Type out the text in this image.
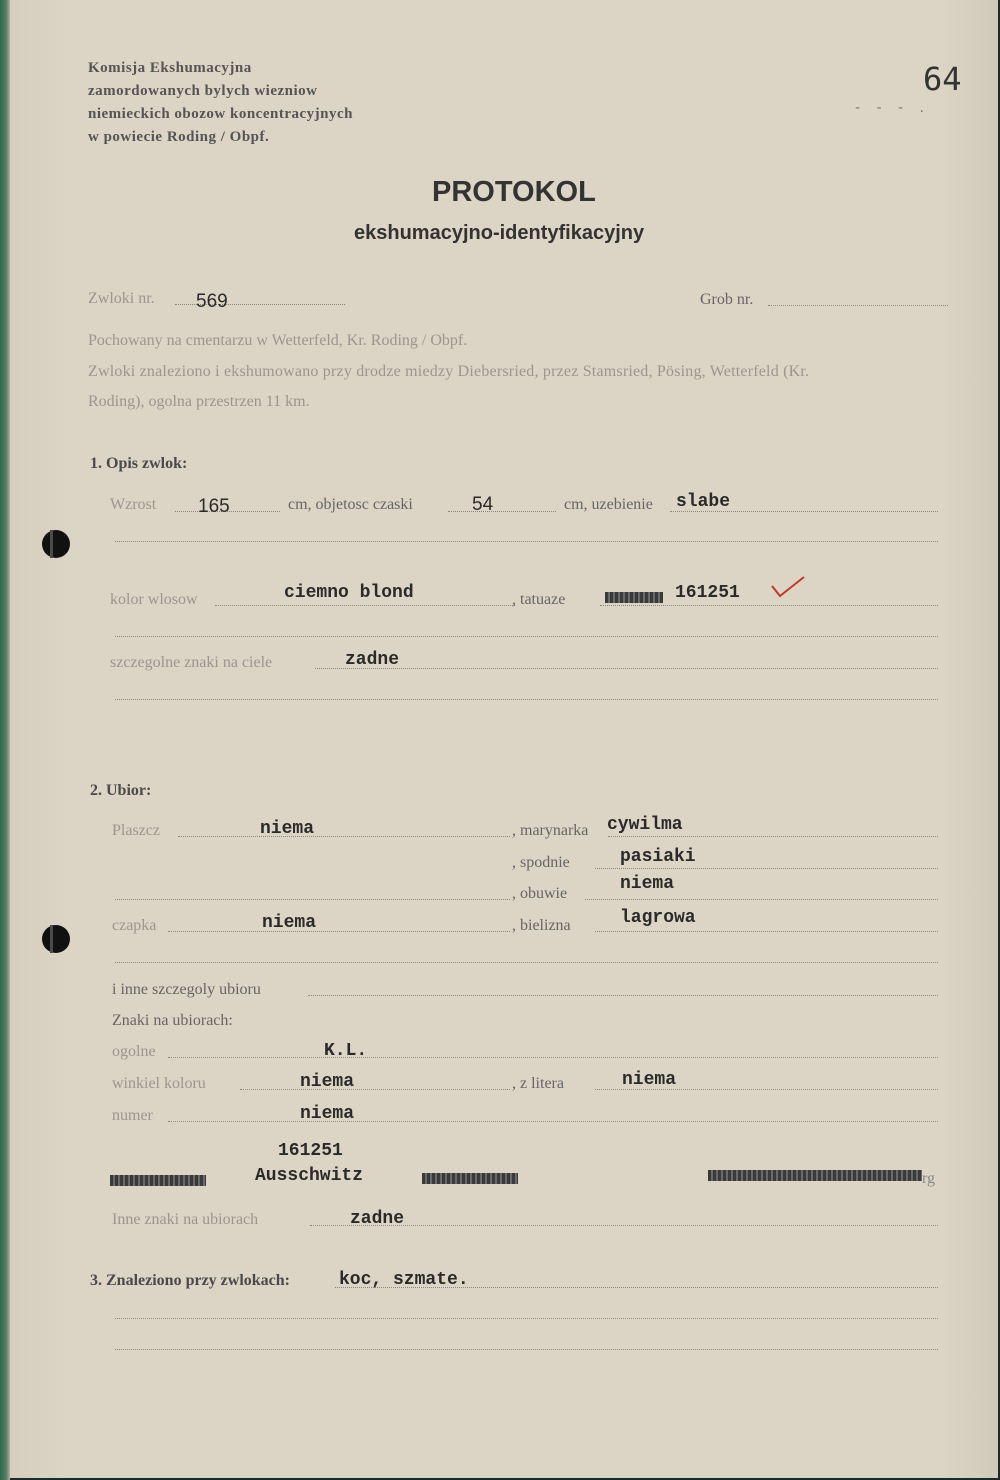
Komisja Ekshumacyjna
zamordowanych bylych wiezniow
niemieckich obozow koncentracyjnych
w powiecie Roding / Obpf.
64
- - - .
PROTOKOL
ekshumacyjno-identyfikacyjny
Zwloki nr. 569	Grob nr.
Pochowany na cmentarzu w Wetterfeld, Kr. Roding / Obpf.
Zwloki znaleziono i ekshumowano przy drodze miedzy Diebersried, przez Stamsried, Pösing, Wetterfeld (Kr.
Roding), ogolna przestrzen 11 km.
1. Opis zwlok:
Wzrost 165	cm, objetosc czaski	54	cm, uzebienie slabe
kolor wlosow	ciemno blond	, tatuaze	161251
szczegolne znaki na ciele	zadne
2. Ubior:
Plaszcz	niema	, marynarka cywilma
, spodnie	pasiaki
, obuwie	niema
czapka	niema	, bielizna	lagrowa
i inne szczegoly ubioru
Znaki na ubiorach:
ogolne	K.L.
winkiel koloru	niema	, z litera	niema
numer	niema
161251
Ausschwitz	rg
Inne znaki na ubiorach	zadne
3. Znaleziono przy zwlokach:	koc, szmate.
